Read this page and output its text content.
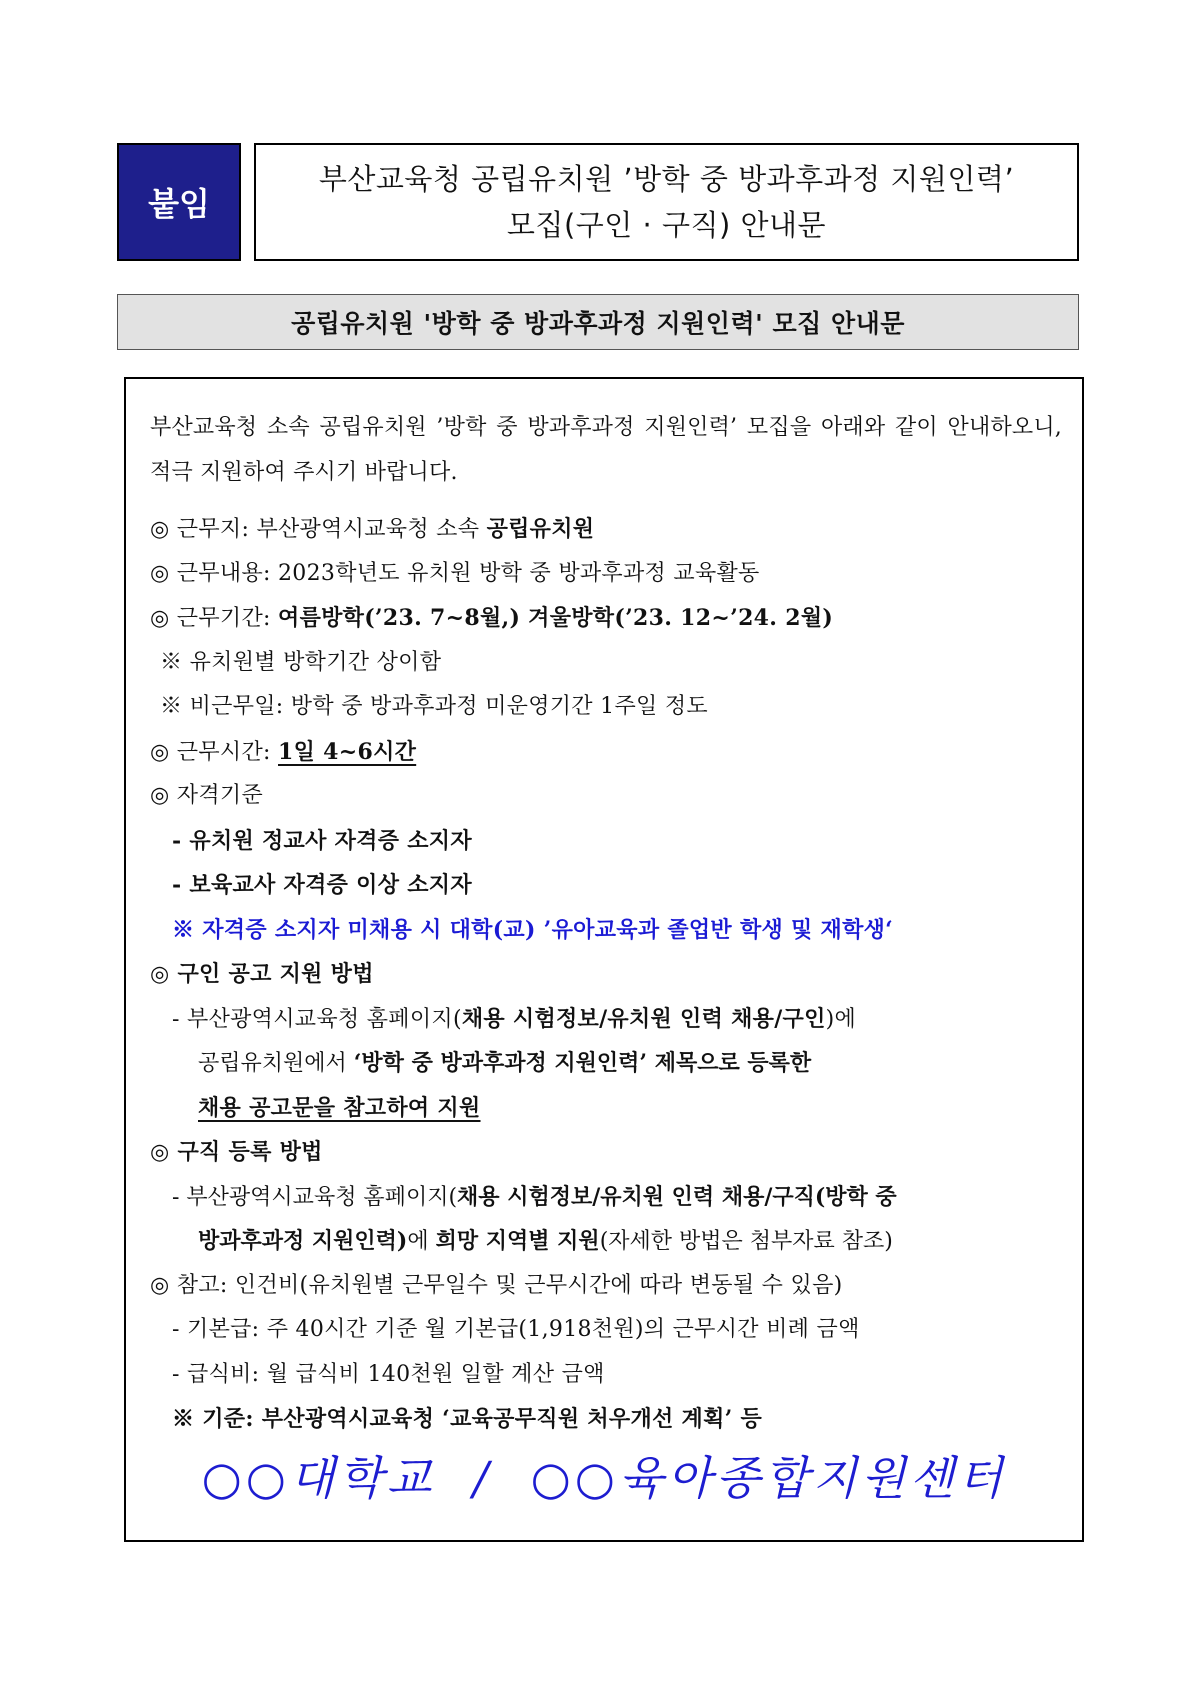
붙임
부산교육청 공립유치원 ’방학 중 방과후과정 지원인력’
모집(구인 · 구직) 안내문
공립유치원 '방학 중 방과후과정 지원인력' 모집 안내문
부산교육청 소속 공립유치원 ’방학 중 방과후과정 지원인력’ 모집을 아래와 같이 안내하오니, 적극 지원하여 주시기 바랍니다.
◎ 근무지: 부산광역시교육청 소속 공립유치원
◎ 근무내용: 2023학년도 유치원 방학 중 방과후과정 교육활동
◎ 근무기간: 여름방학(’23. 7~8월,) 겨울방학(’23. 12~’24. 2월)
※ 유치원별 방학기간 상이함
※ 비근무일: 방학 중 방과후과정 미운영기간 1주일 정도
◎ 근무시간: 1일 4~6시간
◎ 자격기준
- 유치원 정교사 자격증 소지자
- 보육교사 자격증 이상 소지자
※ 자격증 소지자 미채용 시 대학(교) ’유아교육과 졸업반 학생 및 재학생‘
◎ 구인 공고 지원 방법
- 부산광역시교육청 홈페이지(채용 시험정보/유치원 인력 채용/구인)에
공립유치원에서 ‘방학 중 방과후과정 지원인력’ 제목으로 등록한
채용 공고문을 참고하여 지원
◎ 구직 등록 방법
- 부산광역시교육청 홈페이지(채용 시험정보/유치원 인력 채용/구직(방학 중
방과후과정 지원인력)에 희망 지역별 지원(자세한 방법은 첨부자료 참조)
◎ 참고: 인건비(유치원별 근무일수 및 근무시간에 따라 변동될 수 있음)
- 기본급: 주 40시간 기준 월 기본급(1,918천원)의 근무시간 비례 금액
- 급식비: 월 급식비 140천원 일할 계산 금액
※ 기준: 부산광역시교육청 ‘교육공무직원 처우개선 계획’ 등
○○대학교 / ○○육아종합지원센터
